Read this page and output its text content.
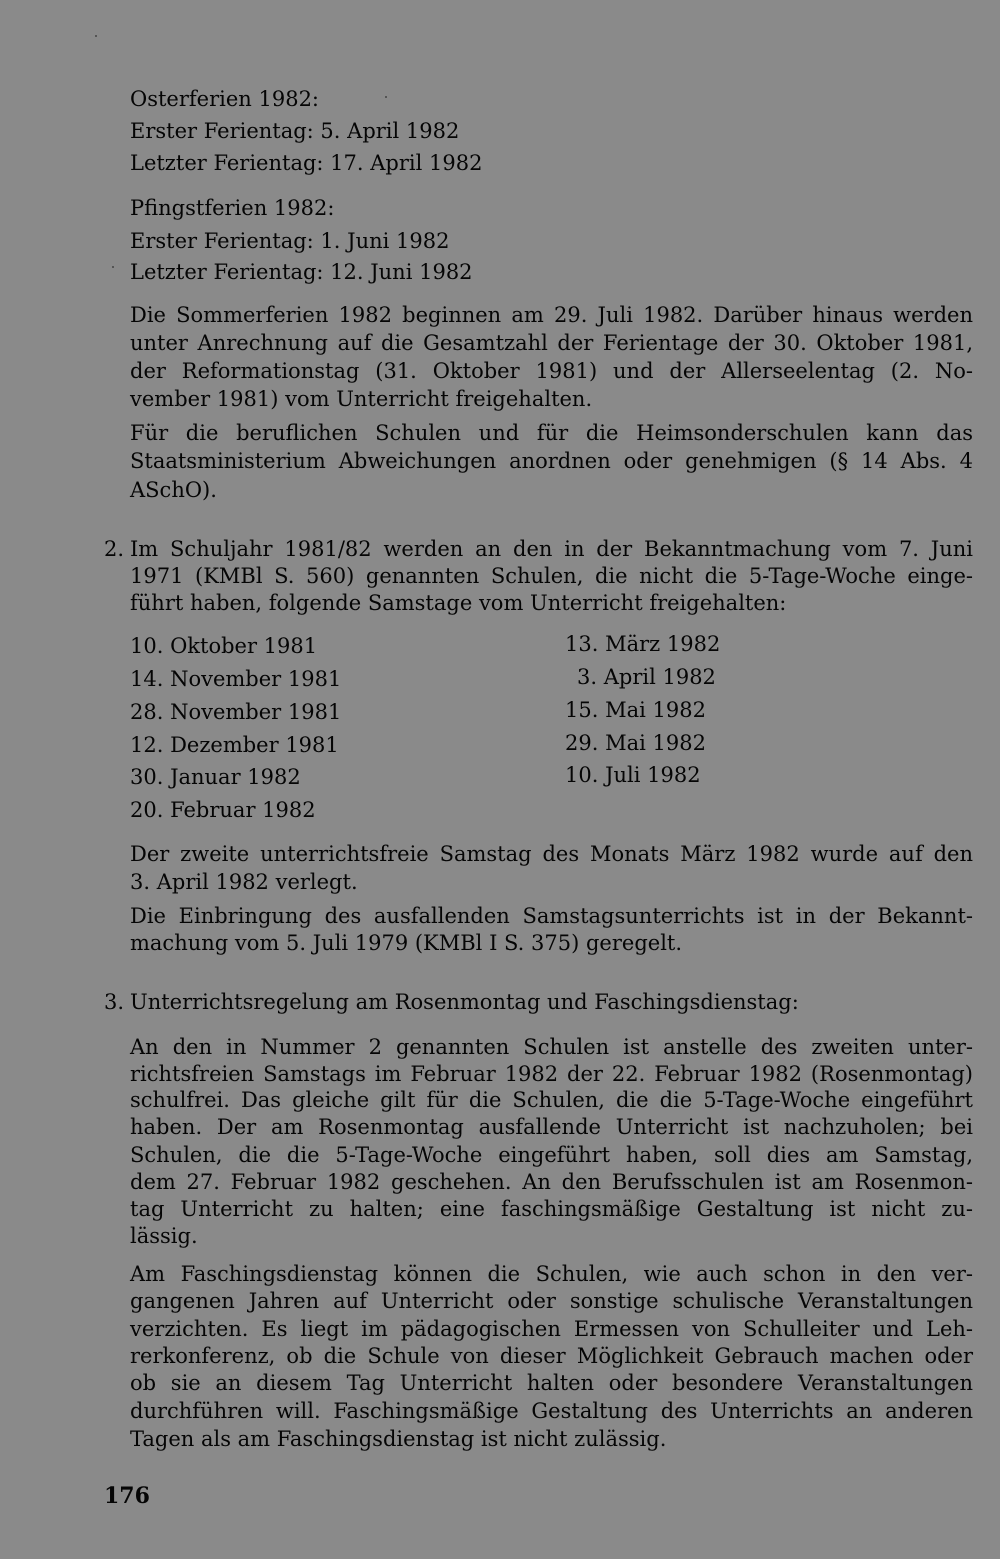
Osterferien 1982:
Erster Ferientag: 5. April 1982
Letzter Ferientag: 17. April 1982
Pfingstferien 1982:
Erster Ferientag: 1. Juni 1982
Letzter Ferientag: 12. Juni 1982
Die Sommerferien 1982 beginnen am 29. Juli 1982. Darüber hinaus werden
unter Anrechnung auf die Gesamtzahl der Ferientage der 30. Oktober 1981,
der Reformationstag (31. Oktober 1981) und der Allerseelentag (2. No-
vember 1981) vom Unterricht freigehalten.
Für die beruflichen Schulen und für die Heimsonderschulen kann das
Staatsministerium Abweichungen anordnen oder genehmigen (§ 14 Abs. 4
ASchO).
2. Im Schuljahr 1981/82 werden an den in der Bekanntmachung vom 7. Juni
1971 (KMBl S. 560) genannten Schulen, die nicht die 5-Tage-Woche einge-
führt haben, folgende Samstage vom Unterricht freigehalten:
10. Oktober 1981
14. November 1981
28. November 1981
12. Dezember 1981
30. Januar 1982
20. Februar 1982
13. März 1982
3. April 1982
15. Mai 1982
29. Mai 1982
10. Juli 1982
Der zweite unterrichtsfreie Samstag des Monats März 1982 wurde auf den
3. April 1982 verlegt.
Die Einbringung des ausfallenden Samstagsunterrichts ist in der Bekannt-
machung vom 5. Juli 1979 (KMBl I S. 375) geregelt.
3. Unterrichtsregelung am Rosenmontag und Faschingsdienstag:
An den in Nummer 2 genannten Schulen ist anstelle des zweiten unter-
richtsfreien Samstags im Februar 1982 der 22. Februar 1982 (Rosenmontag)
schulfrei. Das gleiche gilt für die Schulen, die die 5-Tage-Woche eingeführt
haben. Der am Rosenmontag ausfallende Unterricht ist nachzuholen; bei
Schulen, die die 5-Tage-Woche eingeführt haben, soll dies am Samstag,
dem 27. Februar 1982 geschehen. An den Berufsschulen ist am Rosenmon-
tag Unterricht zu halten; eine faschingsmäßige Gestaltung ist nicht zu-
lässig.
Am Faschingsdienstag können die Schulen, wie auch schon in den ver-
gangenen Jahren auf Unterricht oder sonstige schulische Veranstaltungen
verzichten. Es liegt im pädagogischen Ermessen von Schulleiter und Leh-
rerkonferenz, ob die Schule von dieser Möglichkeit Gebrauch machen oder
ob sie an diesem Tag Unterricht halten oder besondere Veranstaltungen
durchführen will. Faschingsmäßige Gestaltung des Unterrichts an anderen
Tagen als am Faschingsdienstag ist nicht zulässig.
176
